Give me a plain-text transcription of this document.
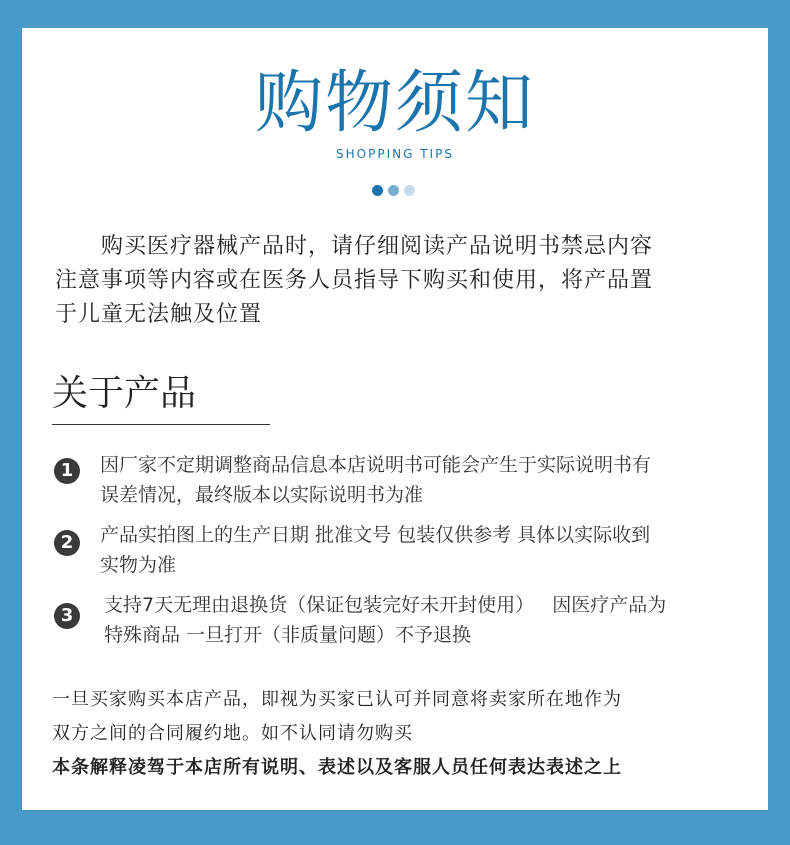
购物须知
SHOPPING TIPS
购买医疗器械产品时，请仔细阅读产品说明书禁忌内容
注意事项等内容或在医务人员指导下购买和使用，将产品置
于儿童无法触及位置
关于产品
1	因厂家不定期调整商品信息本店说明书可能会产生于实际说明书有
误差情况，最终版本以实际说明书为准
2	产品实拍图上的生产日期 批准文号 包装仅供参考 具体以实际收到
实物为准
3	支持7天无理由退换货（保证包装完好未开封使用）   因医疗产品为
特殊商品 一旦打开（非质量问题）不予退换
一旦买家购买本店产品，即视为买家已认可并同意将卖家所在地作为
双方之间的合同履约地。如不认同请勿购买
本条解释凌驾于本店所有说明、表述以及客服人员任何表达表述之上
